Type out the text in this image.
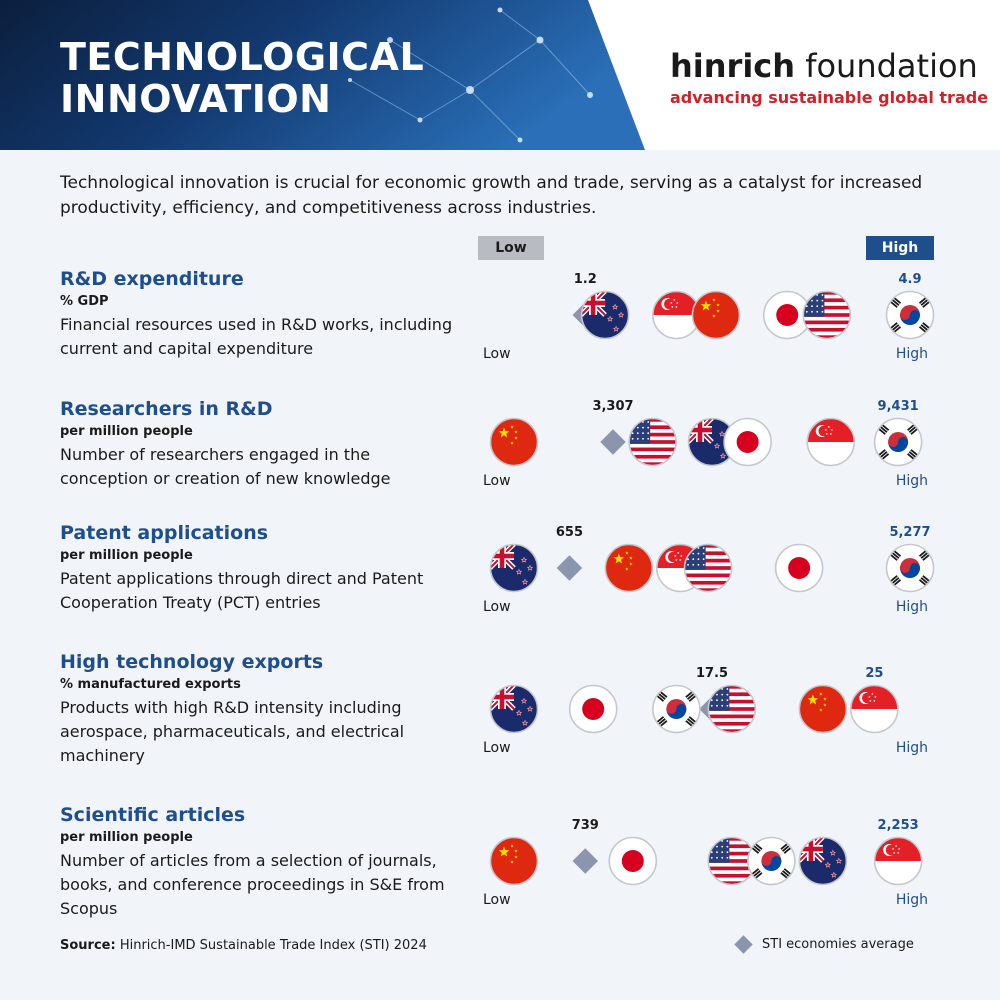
TECHNOLOGICAL
INNOVATION
hinrich foundation
advancing sustainable global trade
Technological innovation is crucial for economic growth and trade, serving as a catalyst for increased productivity, efficiency, and competitiveness across industries.
Low	High
R&D expenditure
% GDP
Financial resources used in R&D works, including current and capital expenditure
Researchers in R&D
per million people
Number of researchers engaged in the conception or creation of new knowledge
Patent applications
per million people
Patent applications through direct and Patent Cooperation Treaty (PCT) entries
High technology exports
% manufactured exports
Products with high R&D intensity including aerospace, pharmaceuticals, and electrical machinery
Scientific articles
per million people
Number of articles from a selection of journals, books, and conference proceedings in S&E from Scopus
1.2	4.9
Low	High
3,307	9,431
Low	High
655	5,277
Low	High
17.5	25
Low	High
739	2,253
Low	High
Source: Hinrich-IMD Sustainable Trade Index (STI) 2024	STI economies average
